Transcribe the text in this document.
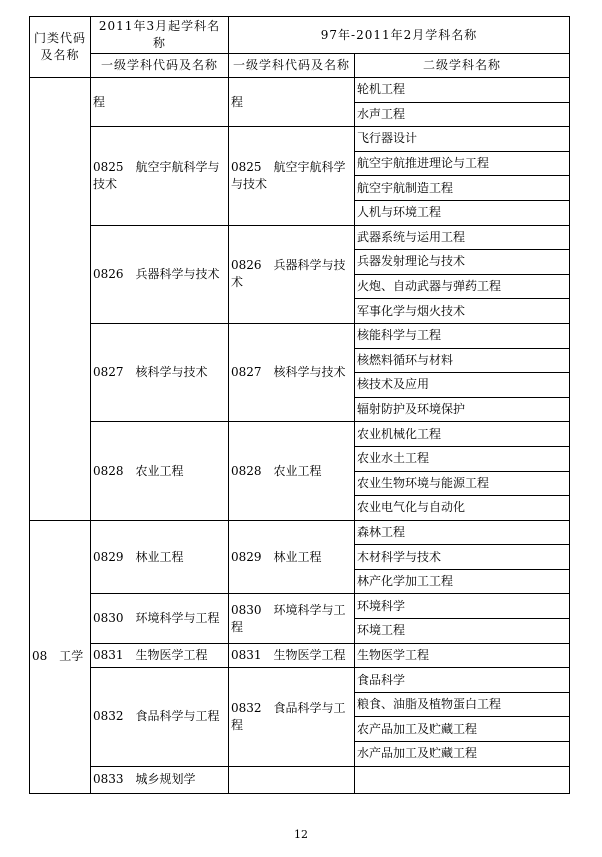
门类代码及名称	2011年3月起学科名称	97年-2011年2月学科名称	
	一级学科代码及名称	一级学科代码及名称	二级学科名称
	程	程	轮机工程
			水声工程
	0825　航空宇航科学与技术	0825　航空宇航科学与技术	飞行器设计
			航空宇航推进理论与工程
			航空宇航制造工程
			人机与环境工程
	0826　兵器科学与技术	0826　兵器科学与技术	武器系统与运用工程
			兵器发射理论与技术
			火炮、自动武器与弹药工程
			军事化学与烟火技术
	0827　核科学与技术	0827　核科学与技术	核能科学与工程
			核燃料循环与材料
			核技术及应用
			辐射防护及环境保护
	0828　农业工程	0828　农业工程	农业机械化工程
			农业水土工程
			农业生物环境与能源工程
			农业电气化与自动化
08　工学	0829　林业工程	0829　林业工程	森林工程
			木材科学与技术
			林产化学加工工程
	0830　环境科学与工程	0830　环境科学与工程	环境科学
			环境工程
	0831　生物医学工程	0831　生物医学工程	生物医学工程
	0832　食品科学与工程	0832　食品科学与工程	食品科学
			粮食、油脂及植物蛋白工程
			农产品加工及贮藏工程
			水产品加工及贮藏工程
	0833　城乡规划学		
12
